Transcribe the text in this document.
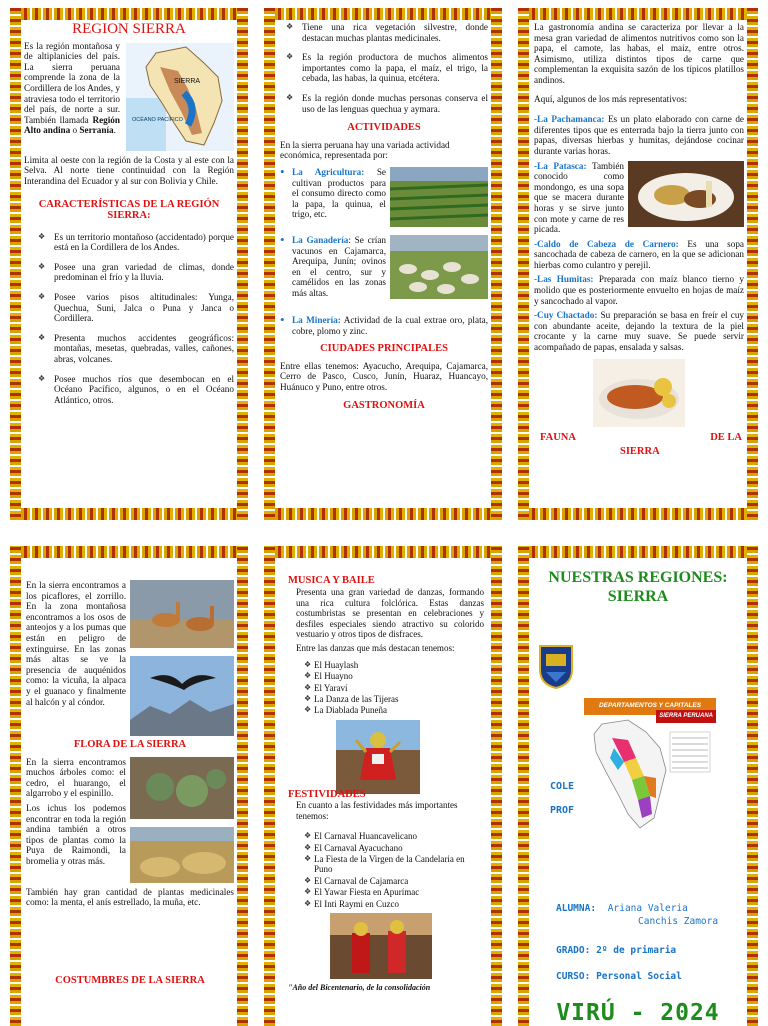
REGIÓN SIERRA
SIERRA
OCÉANO PACÍFICO

Es la región montañosa y de altiplanicies del país. La sierra peruana comprende la zona de la Cordillera de los Andes, y atraviesa todo el territorio del país, de norte a sur. También llamada Región Alto andina o Serranía.

Limita al oeste con la región de la Costa y al este con la Selva. Al norte tiene continuidad con la Región Interandina del Ecuador y al sur con Bolivia y Chile.

CARACTERÍSTICAS DE LA REGIÓN SIERRA:
❖ Es un territorio montañoso (accidentado) porque está en la Cordillera de los Andes.
❖ Posee una gran variedad de climas, donde predominan el frío y la lluvia.
❖ Posee varios pisos altitudinales: Yunga, Quechua, Suni, Jalca o Puna y Janca o Cordillera.
❖ Presenta muchos accidentes geográficos: montañas, mesetas, quebradas, valles, cañones, abras, volcanes.
❖ Posee muchos ríos que desembocan en el Océano Pacífico, algunos, o en el Océano Atlántico, otros.
❖ Tiene una rica vegetación silvestre, donde destacan muchas plantas medicinales.
❖ Es la región productora de muchos alimentos importantes como la papa, el maíz, el trigo, la cebada, las habas, la quinua, etcétera.
❖ Es la región donde muchas personas conserva el uso de las lenguas quechua y aymara.
ACTIVIDADES

En la sierra peruana hay una variada actividad económica, representada por:

• La Agricultura: Se cultivan productos para el consumo directo como la papa, la quinua, el trigo, etc.
• La Ganadería: Se crían vacunos en Cajamarca, Arequipa, Junín; ovinos en el centro, sur y camélidos en las zonas más altas.
• La Minería: Actividad de la cual extrae oro, plata, cobre, plomo y zinc.
CIUDADES PRINCIPALES

Entre ellas tenemos: Ayacucho, Arequipa, Cajamarca, Cerro de Pasco, Cusco, Junín, Huaraz, Huancayo, Huánuco y Puno, entre otros.

GASTRONOMÍA

La gastronomía andina se caracteriza por llevar a la mesa gran variedad de alimentos nutritivos como son la papa, el camote, las habas, el maíz, entre otros. Asimismo, utiliza distintos tipos de carne que complementan la exquisita sazón de los típicos platillos andinos.

Aquí, algunos de los más representativos:

-La Pachamanca: Es un plato elaborado con carne de diferentes tipos que es enterrada bajo la tierra junto con papas, diversas hierbas y humitas, dejándose cocinar durante varias horas.

-La Patasca: También conocido como mondongo, es una sopa que se macera durante horas y se sirve junto con mote y carne de res picada.

-Caldo de Cabeza de Carnero: Es una sopa sancochada de cabeza de carnero, en la que se adicionan hierbas como culantro y perejil.

-Las Humitas: Preparada con maíz blanco tierno y molido que es posteriormente envuelto en hojas de maíz y sancochado al vapor.

-Cuy Chactado: Su preparación se basa en freír el cuy con abundante aceite, dejando la textura de la piel crocante y la carne muy suave. Se puede servir acompañado de papas, ensalada y salsas.

FAUNA	DE LA
SIERRA

En la sierra encontramos a los picaflores, el zorrillo. En la zona montañosa encontramos a los osos de anteojos y a los pumas que están en peligro de extinguirse. En las zonas más altas se ve la presencia de auquénidos como: la vicuña, la alpaca y el guanaco y finalmente al halcón y al cóndor.

FLORA DE LA SIERRA

En la sierra encontramos muchos árboles como: el cedro, el huarango, el algarrobo y el espinillo.

Los ichus los podemos encontrar en toda la región andina también a otros tipos de plantas como la Puya de Raimondi, la bromelia y otras más.

También hay gran cantidad de plantas medicinales como: la menta, el anís estrellado, la muña, etc.

COSTUMBRES DE LA SIERRA
MUSICA Y BAILE

Presenta una gran variedad de danzas, formando una rica cultura folclórica. Estas danzas costumbristas se presentan en celebraciones y desfiles especiales siendo atractivo su colorido vestuario y otros tipos de disfraces.

Entre las danzas que más destacan tenemos:

❖ El Huaylash
❖ El Huayno
❖ El Yaraví
❖ La Danza de las Tijeras
❖ La Diablada Puneña
FESTIVIDADES

En cuanto a las festividades más importantes tenemos:

❖ El Carnaval Huancavelicano
❖ El Carnaval Ayacuchano
❖ La Fiesta de la Virgen de la Candelaria en Puno
❖ El Carnaval de Cajamarca
❖ El Yawar Fiesta en Apurímac
❖ El Inti Raymi en Cuzco
"Año del Bicentenario, de la consolidación
NUESTRAS REGIONES:
SIERRA
DEPARTAMENTOS Y CAPITALES
SIERRA PERUANA
COLE
PROF
ALUMNA: Ariana Valeria
Canchis Zamora
GRADO: 2º de primaria
CURSO: Personal Social
VIRÚ - 2024
